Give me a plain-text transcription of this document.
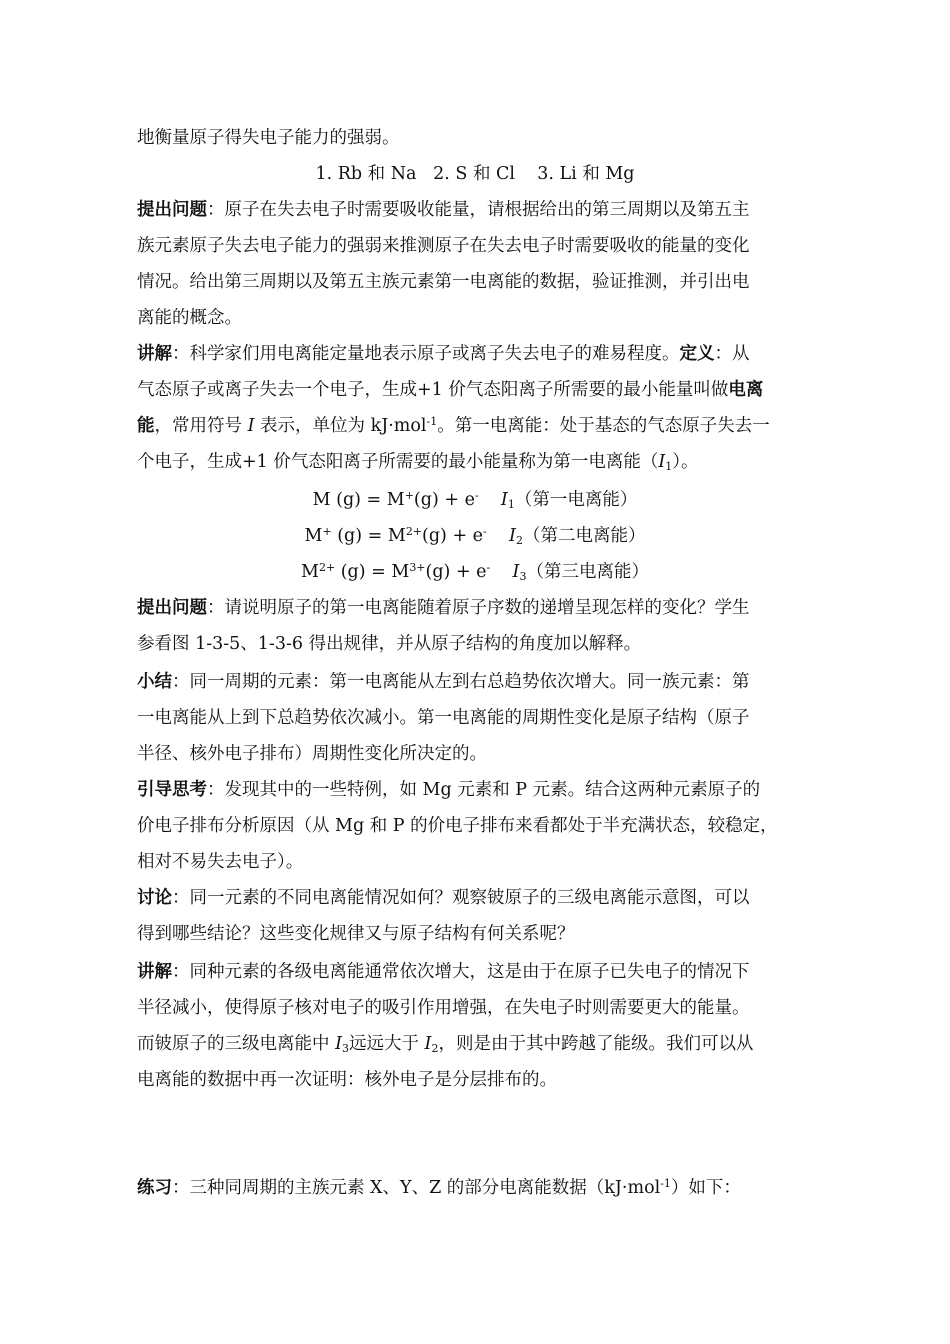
地衡量原子得失电子能力的强弱。
1. Rb 和 Na   2. S 和 Cl    3. Li 和 Mg
提出问题：原子在失去电子时需要吸收能量，请根据给出的第三周期以及第五主
族元素原子失去电子能力的强弱来推测原子在失去电子时需要吸收的能量的变化
情况。给出第三周期以及第五主族元素第一电离能的数据，验证推测，并引出电
离能的概念。
讲解：科学家们用电离能定量地表示原子或离子失去电子的难易程度。定义：从
气态原子或离子失去一个电子，生成+1 价气态阳离子所需要的最小能量叫做电离
能，常用符号 I 表示，单位为 kJ·mol$^{-1}$。第一电离能：处于基态的气态原子失去一
个电子，生成+1 价气态阳离子所需要的最小能量称为第一电离能$(I_1)$。
M (g) = M+(g) + e- $I_1$（第一电离能）
M+ $(g) = M^{2+}(g) + e^-$ $I_2$（第二电离能）
$M^{2+}$ $(g) = M^{3+}(g) + e^-$ $I_3$（第三电离能）
提出问题：请说明原子的第一电离能随着原子序数的递增呈现怎样的变化？学生
参看图 1-3-5、1-3-6 得出规律，并从原子结构的角度加以解释。
小结：同一周期的元素：第一电离能从左到右总趋势依次增大。同一族元素：第
一电离能从上到下总趋势依次减小。第一电离能的周期性变化是原子结构（原子
半径、核外电子排布）周期性变化所决定的。
引导思考：发现其中的一些特例，如 Mg 元素和 P 元素。结合这两种元素原子的
价电子排布分析原因（从 Mg 和 P 的价电子排布来看都处于半充满状态，较稳定，
相对不易失去电子）。
讨论：同一元素的不同电离能情况如何？观察铍原子的三级电离能示意图，可以
得到哪些结论？这些变化规律又与原子结构有何关系呢？
讲解：同种元素的各级电离能通常依次增大，这是由于在原子已失电子的情况下
半径减小，使得原子核对电子的吸引作用增强，在失电子时则需要更大的能量。
而铍原子的三级电离能中 $I_3$远远大于 $I_2$，则是由于其中跨越了能级。我们可以从
电离能的数据中再一次证明：核外电子是分层排布的。
练习：三种同周期的主族元素 X、Y、Z 的部分电离能数据（kJ·mol$^{-1}$）如下：
